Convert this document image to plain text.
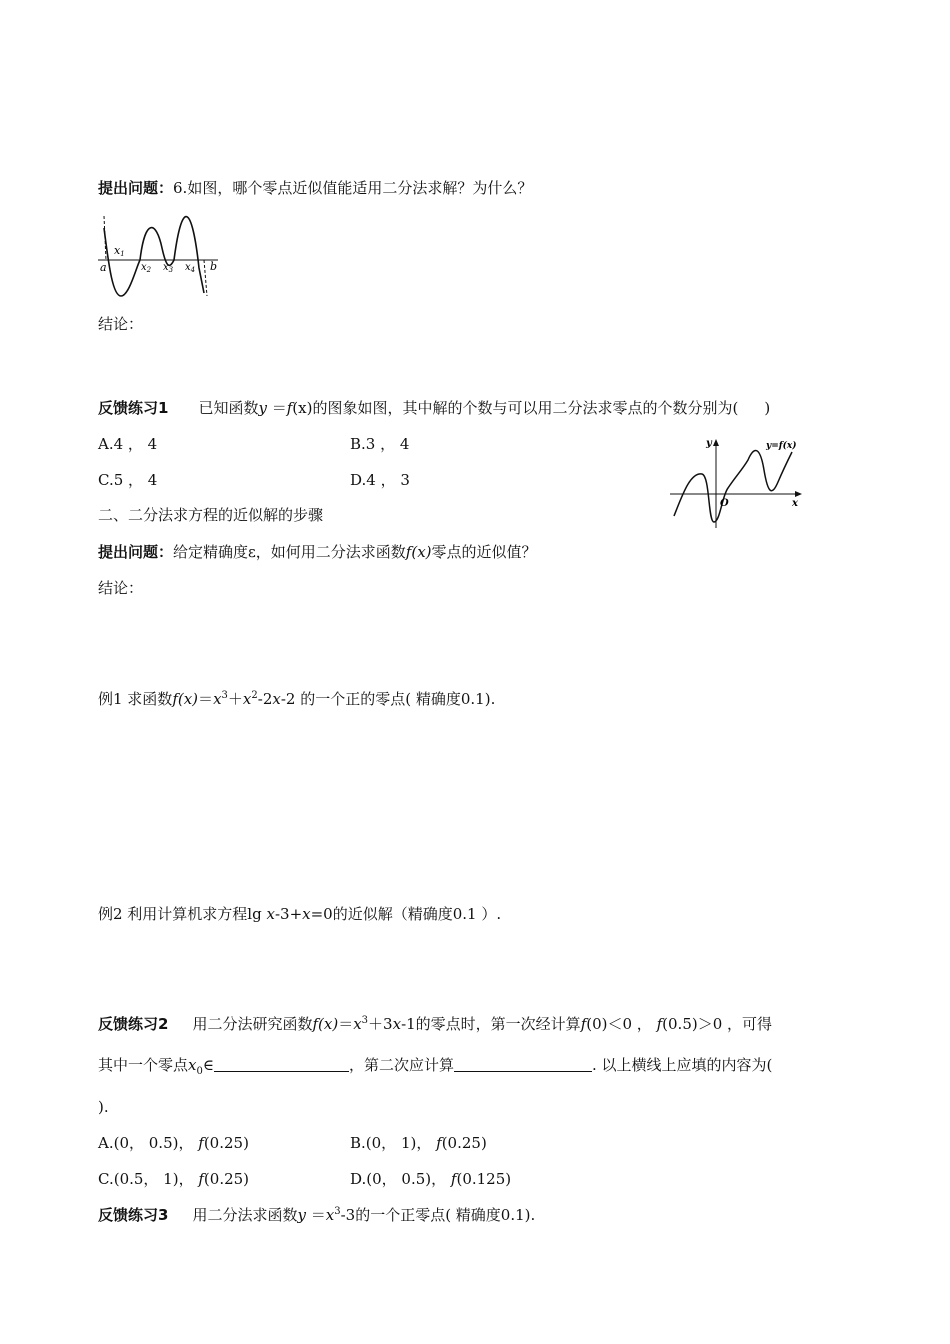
提出问题：6.如图，哪个零点近似值能适用二分法求解？为什么？
x1
a	$x_2$ $x_3$ $x_4$ b
结论：
反馈练习1 已知函数y ＝f(x)的图象如图，其中解的个数与可以用二分法求零点的个数分别为( )
A.4 ， 4	B.3 ， 4
C.5 ， 4	D.4 ， 3
y
x
O
y=f(x)
二、二分法求方程的近似解的步骤
提出问题：给定精确度ε，如何用二分法求函数f(x)零点的近似值？
结论：
例1 求函数$f(x)=x^3+x^2-2x-2$ 的一个正的零点( 精确度0.1).
例2 利用计算机求方程lg x-3+x=0的近似解（精确度0.1 ）.
反馈练习2 用二分法研究函数$f(x)=x^3+3x-1$的零点时，第一次经计算f(0)＜0 ， f(0.5)＞0 ，可得
其中一个零点$x_0\in$	，第二次应计算	. 以上横线上应填的内容为(
).
A.(0， 0.5)， f(0.25)	B.(0， 1)， f(0.25)
C.(0.5， 1)， f(0.25)	D.(0， 0.5)， f(0.125)
反馈练习3 用二分法求函数$y =x^3-3$的一个正零点( 精确度0.1).
